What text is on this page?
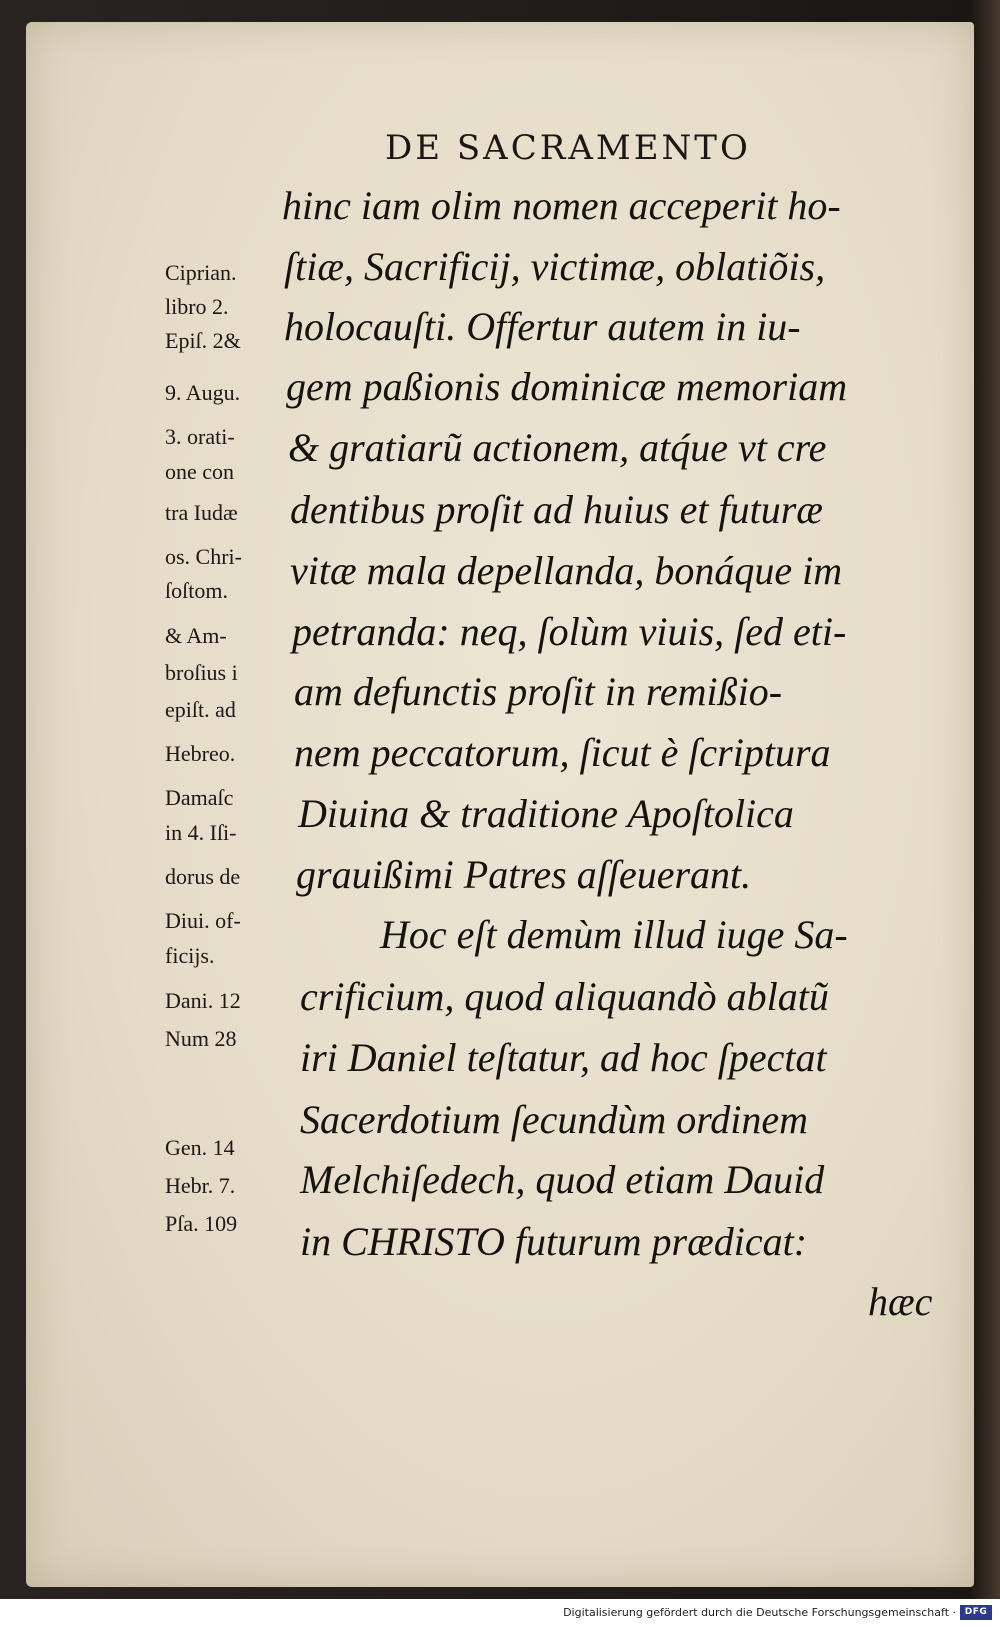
DE SACRAMENTO
hinc iam olim nomen acceperit ho-
ſtiæ, Sacrificij, victimæ, oblatiõis,
holocauſti. Offertur autem in iu-
gem paßionis dominicæ memoriam
& gratiarũ actionem, atq́ue vt cre
dentibus proſit ad huius et futuræ
vitæ mala depellanda, bonáque im
petranda: neq, ſolùm viuis, ſed eti-
am defunctis proſit in remißio-
nem peccatorum, ſicut è ſcriptura
Diuina & traditione Apoſtolica
grauißimi Patres aſſeuerant.
Hoc eſt demùm illud iuge Sa-
crificium, quod aliquandò ablatũ
iri Daniel teſtatur, ad hoc ſpectat
Sacerdotium ſecundùm ordinem
Melchiſedech, quod etiam Dauid
in CHRISTO futurum prædicat:
hæc
Ciprian.
libro 2.
Epiſ. 2&
9. Augu.
3. orati-
one con
tra Iudæ
os. Chri-
ſoſtom.
& Am-
broſius i
epiſt. ad
Hebreo.
Damaſc
in 4. Iſi-
dorus de
Diui. of-
ficijs.
Dani. 12
Num 28
Gen. 14
Hebr. 7.
Pſa. 109
Digitalisierung gefördert durch die Deutsche Forschungsgemeinschaft · DFG
